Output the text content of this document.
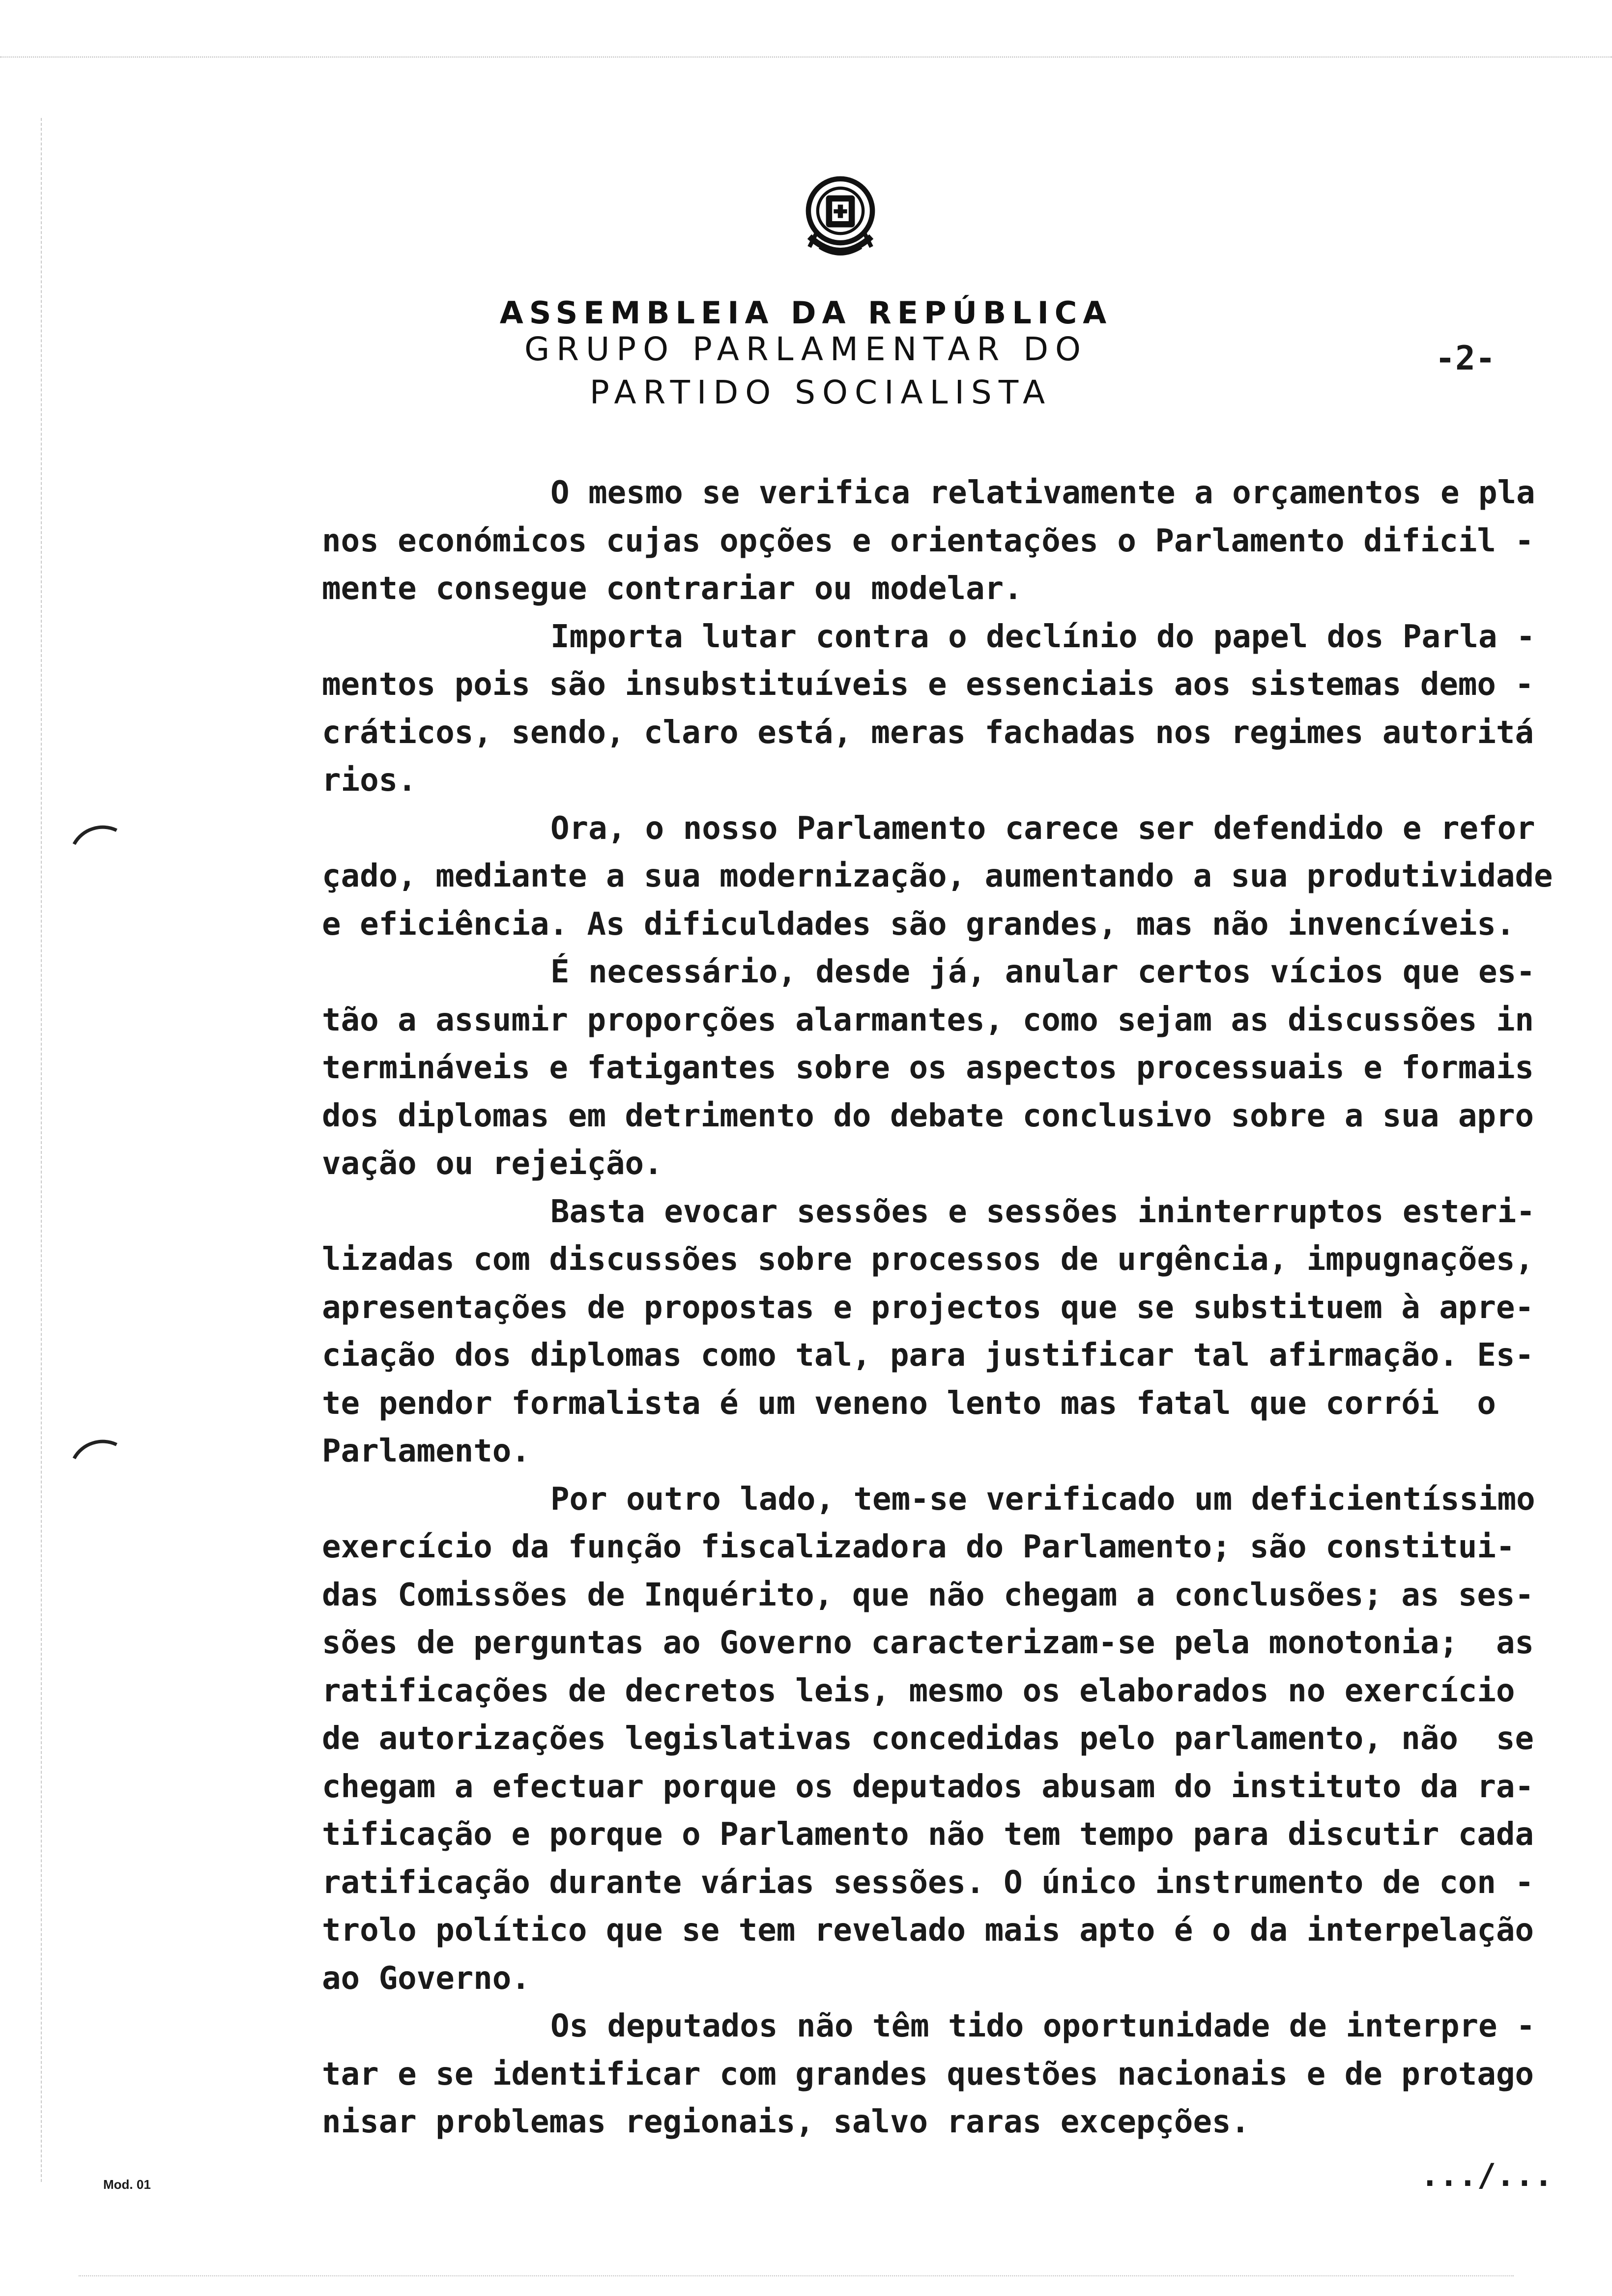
ASSEMBLEIA DA REPÚBLICA
GRUPO PARLAMENTAR DO
PARTIDO SOCIALISTA
-2-
O mesmo se verifica relativamente a orçamentos e pla
nos económicos cujas opções e orientações o Parlamento dificil -
mente consegue contrariar ou modelar.
Importa lutar contra o declínio do papel dos Parla -
mentos pois são insubstituíveis e essenciais aos sistemas demo -
cráticos, sendo, claro está, meras fachadas nos regimes autoritá
rios.
Ora, o nosso Parlamento carece ser defendido e refor
çado, mediante a sua modernização, aumentando a sua produtividade
e eficiência. As dificuldades são grandes, mas não invencíveis.
É necessário, desde já, anular certos vícios que es-
tão a assumir proporções alarmantes, como sejam as discussões in
termináveis e fatigantes sobre os aspectos processuais e formais
dos diplomas em detrimento do debate conclusivo sobre a sua apro
vação ou rejeição.
Basta evocar sessões e sessões ininterruptos esteri-
lizadas com discussões sobre processos de urgência, impugnações,
apresentações de propostas e projectos que se substituem à apre-
ciação dos diplomas como tal, para justificar tal afirmação. Es-
te pendor formalista é um veneno lento mas fatal que corrói  o
Parlamento.
Por outro lado, tem-se verificado um deficientíssimo
exercício da função fiscalizadora do Parlamento; são constitui-
das Comissões de Inquérito, que não chegam a conclusões; as ses-
sões de perguntas ao Governo caracterizam-se pela monotonia;  as
ratificações de decretos leis, mesmo os elaborados no exercício
de autorizações legislativas concedidas pelo parlamento, não  se
chegam a efectuar porque os deputados abusam do instituto da ra-
tificação e porque o Parlamento não tem tempo para discutir cada
ratificação durante várias sessões. O único instrumento de con -
trolo político que se tem revelado mais apto é o da interpelação
ao Governo.
Os deputados não têm tido oportunidade de interpre -
tar e se identificar com grandes questões nacionais e de protago
nisar problemas regionais, salvo raras excepções.
.../...
Mod. 01
